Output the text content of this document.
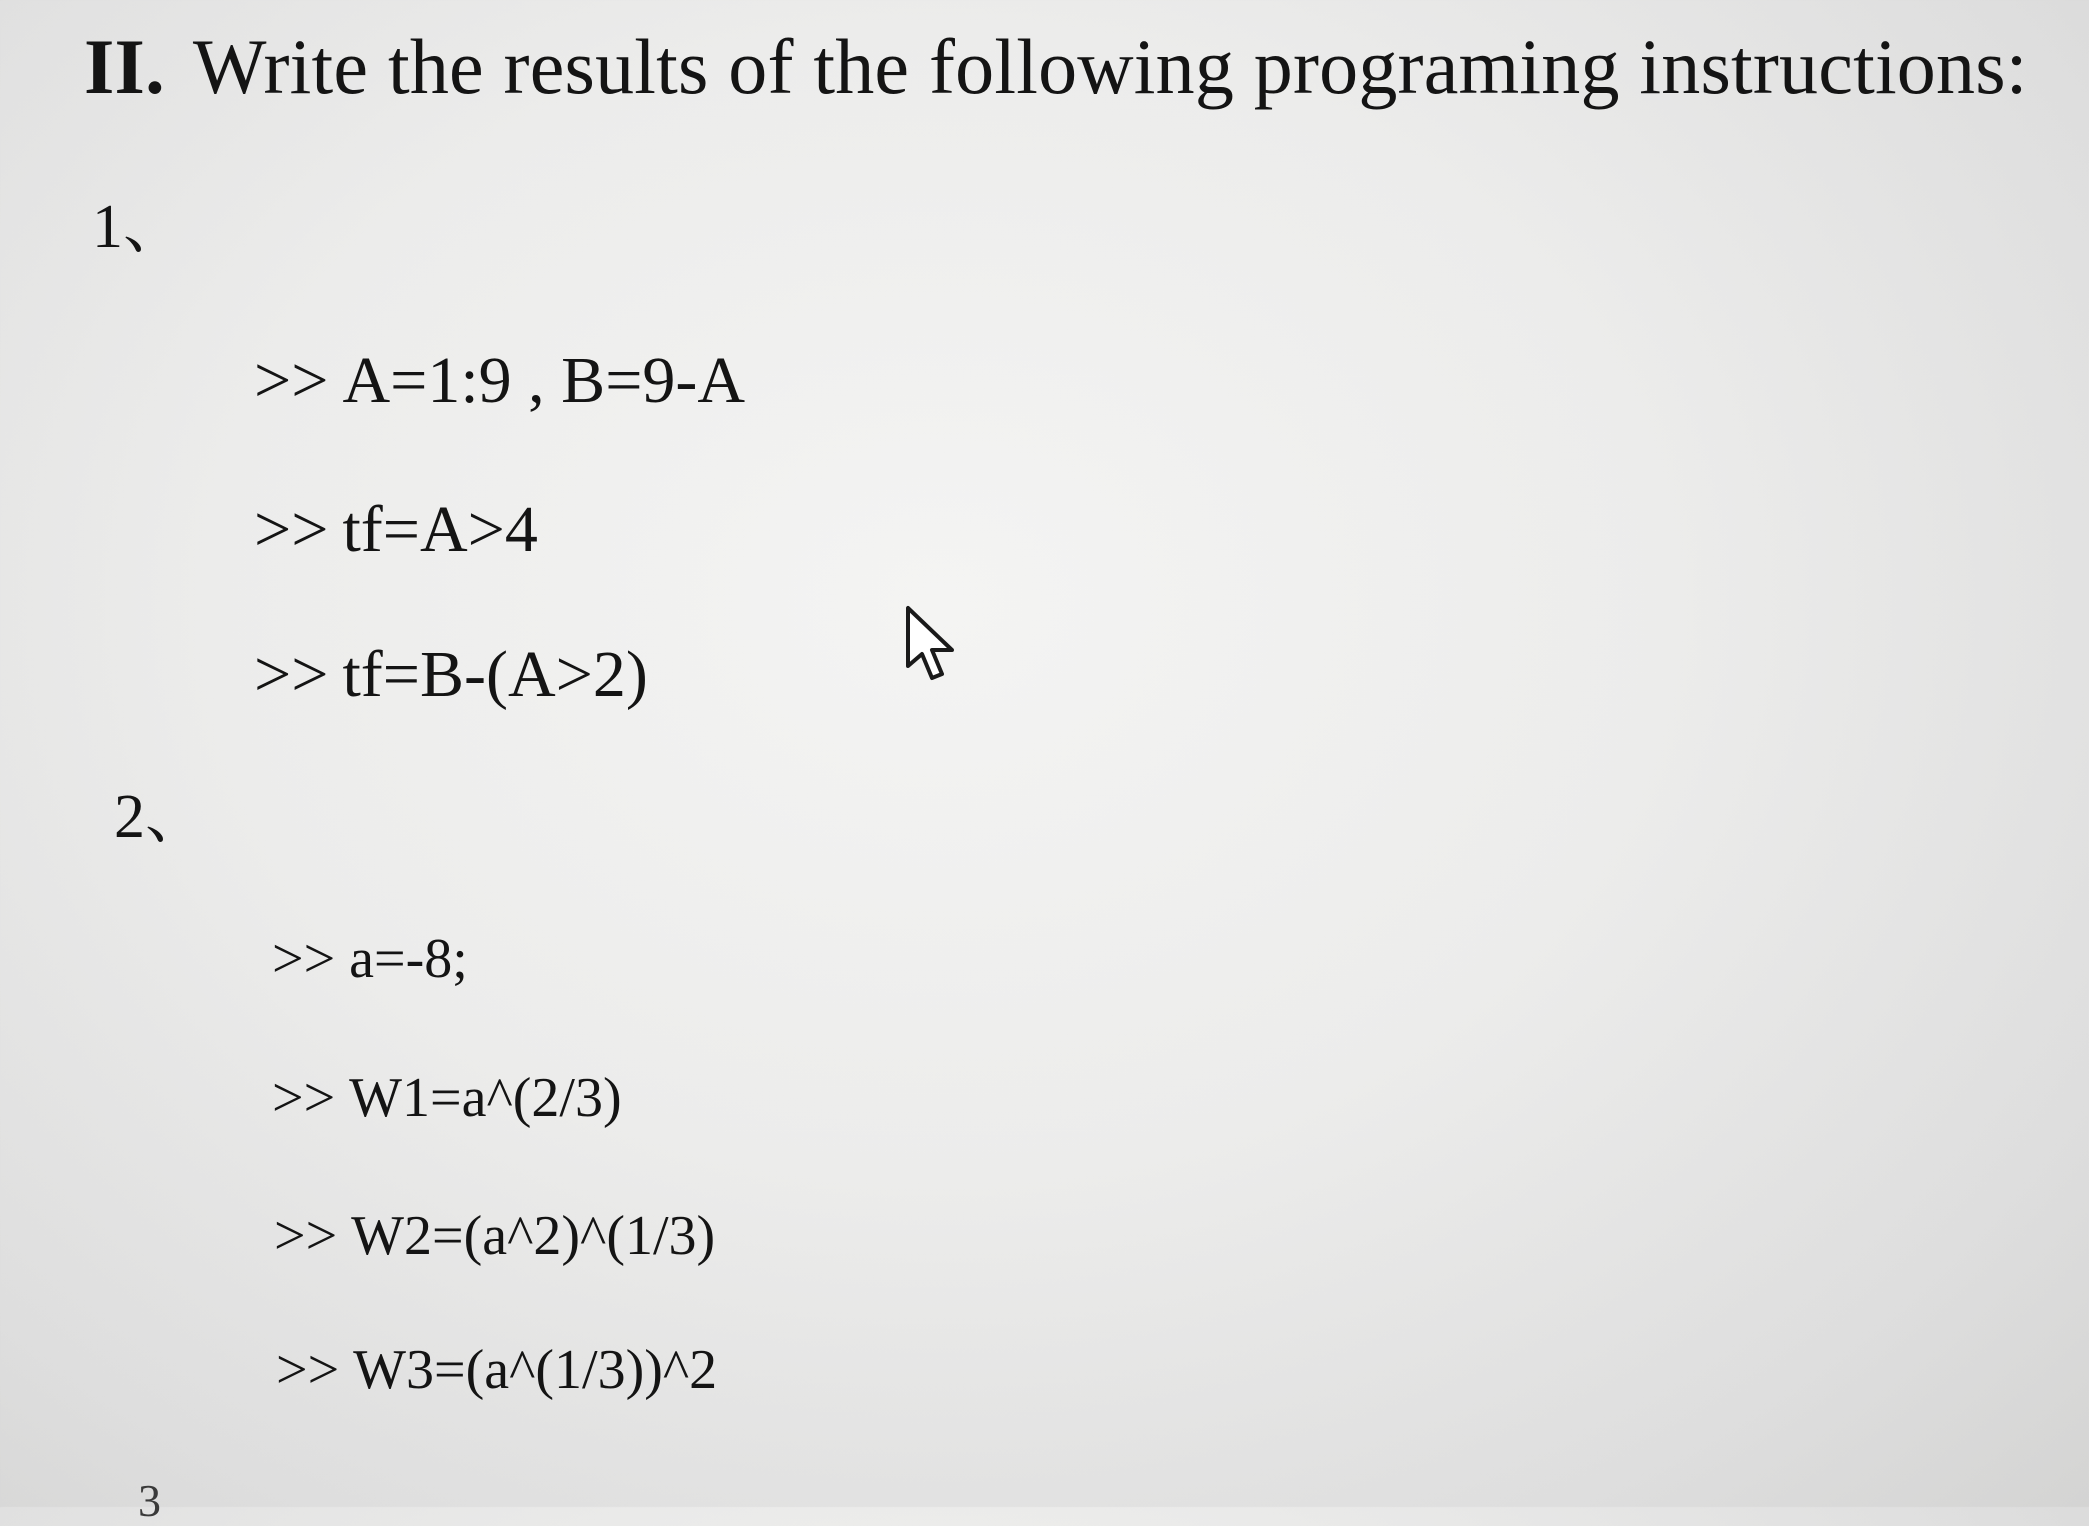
II. Write the results of the following programing instructions:
1、
>> A=1:9 , B=9-A
>> tf=A>4
>> tf=B-(A>2)
2、
>> a=-8;
>> W1=a^(2/3)
>> W2=(a^2)^(1/3)
>> W3=(a^(1/3))^2
3
